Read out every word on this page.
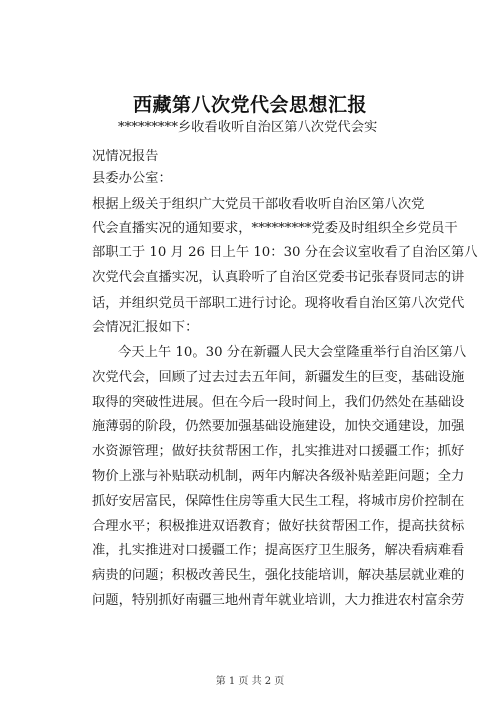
西藏第八次党代会思想汇报
*********乡收看收听自治区第八次党代会实
况情况报告
县委办公室：
根据上级关于组织广大党员干部收看收听自治区第八次党
代会直播实况的通知要求，*********党委及时组织全乡党员干
部职工于 10 月 26 日上午 10：30 分在会议室收看了自治区第八
次党代会直播实况，认真聆听了自治区党委书记张春贤同志的讲
话，并组织党员干部职工进行讨论。现将收看自治区第八次党代
会情况汇报如下：
今天上午 10。30 分在新疆人民大会堂隆重举行自治区第八
次党代会，回顾了过去过去五年间，新疆发生的巨变，基础设施
取得的突破性进展。但在今后一段时间上，我们仍然处在基础设
施薄弱的阶段，仍然要加强基础设施建设，加快交通建设，加强
水资源管理；做好扶贫帮困工作，扎实推进对口援疆工作；抓好
物价上涨与补贴联动机制，两年内解决各级补贴差距问题；全力
抓好安居富民，保障性住房等重大民生工程，将城市房价控制在
合理水平；积极推进双语教育；做好扶贫帮困工作，提高扶贫标
准，扎实推进对口援疆工作；提高医疗卫生服务，解决看病难看
病贵的问题；积极改善民生，强化技能培训，解决基层就业难的
问题，特别抓好南疆三地州青年就业培训，大力推进农村富余劳
第 1 页 共 2 页
